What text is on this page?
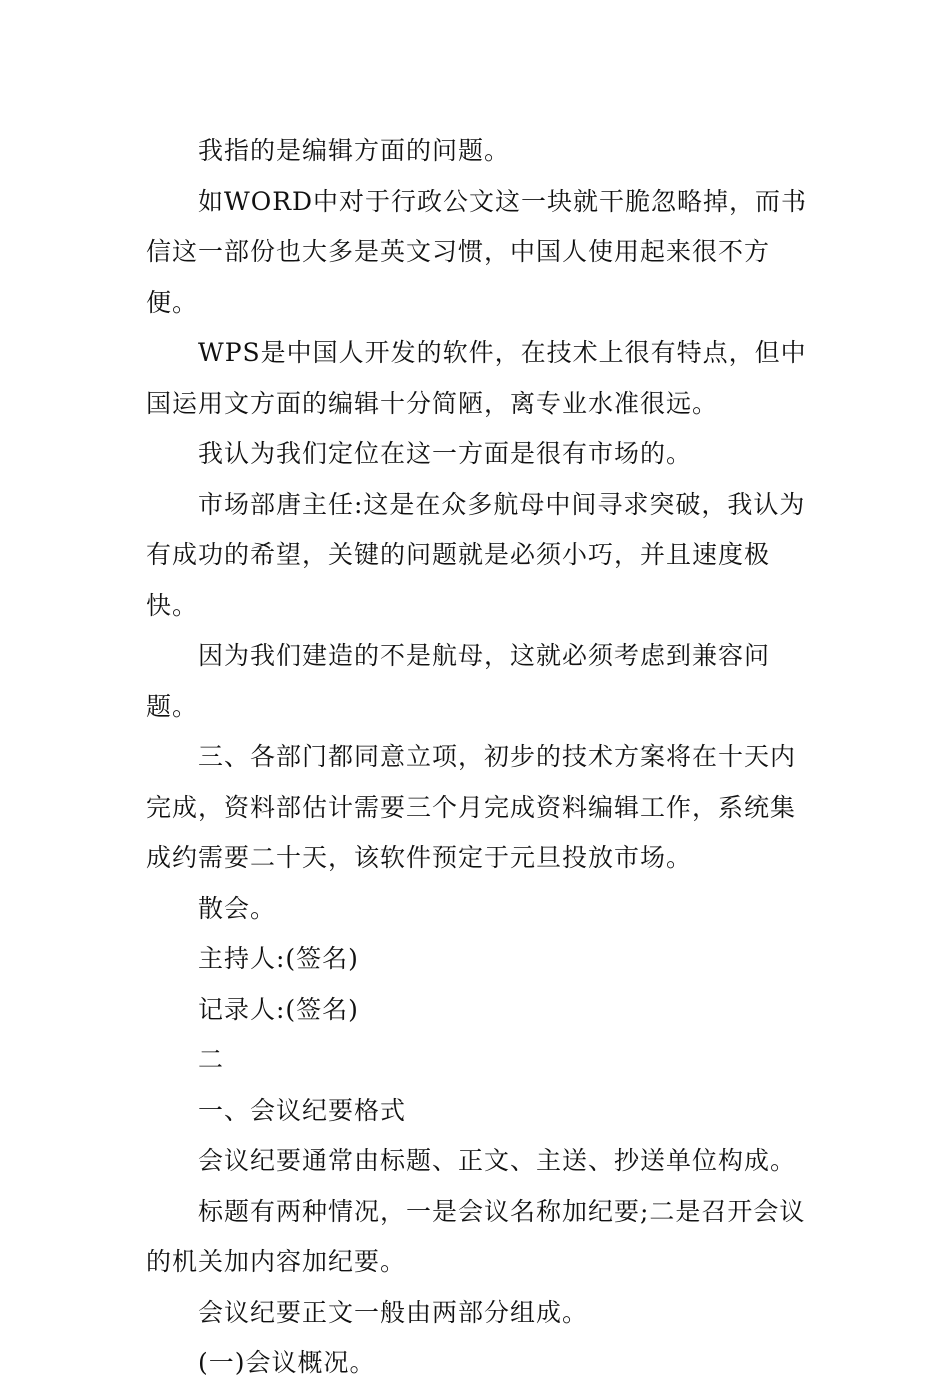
我指的是编辑方面的问题。

如WORD中对于行政公文这一块就干脆忽略掉，而书信这一部份也大多是英文习惯，中国人使用起来很不方便。

WPS是中国人开发的软件，在技术上很有特点，但中国运用文方面的编辑十分简陋，离专业水准很远。

我认为我们定位在这一方面是很有市场的。

市场部唐主任:这是在众多航母中间寻求突破，我认为有成功的希望，关键的问题就是必须小巧，并且速度极快。

因为我们建造的不是航母，这就必须考虑到兼容问题。

三、各部门都同意立项，初步的技术方案将在十天内完成，资料部估计需要三个月完成资料编辑工作，系统集成约需要二十天，该软件预定于元旦投放市场。

散会。

主持人:(签名)

记录人:(签名)

二

一、会议纪要格式

会议纪要通常由标题、正文、主送、抄送单位构成。

标题有两种情况，一是会议名称加纪要;二是召开会议的机关加内容加纪要。

会议纪要正文一般由两部分组成。

(一)会议概况。
